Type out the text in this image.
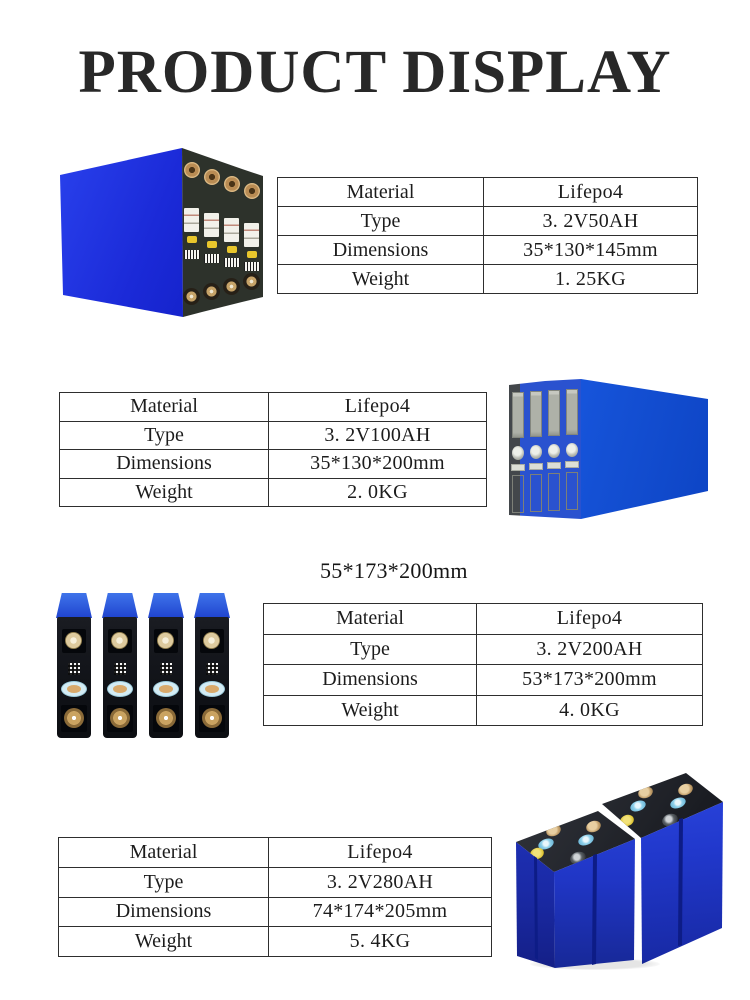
PRODUCT DISPLAY
Material	Lifepo4
Type	3. 2V50AH
Dimensions	35*130*145mm
Weight	1. 25KG
Material	Lifepo4
Type	3. 2V100AH
Dimensions	35*130*200mm
Weight	2. 0KG
55*173*200mm
Material	Lifepo4
Type	3. 2V200AH
Dimensions	53*173*200mm
Weight	4. 0KG
Material	Lifepo4
Type	3. 2V280AH
Dimensions	74*174*205mm
Weight	5. 4KG
